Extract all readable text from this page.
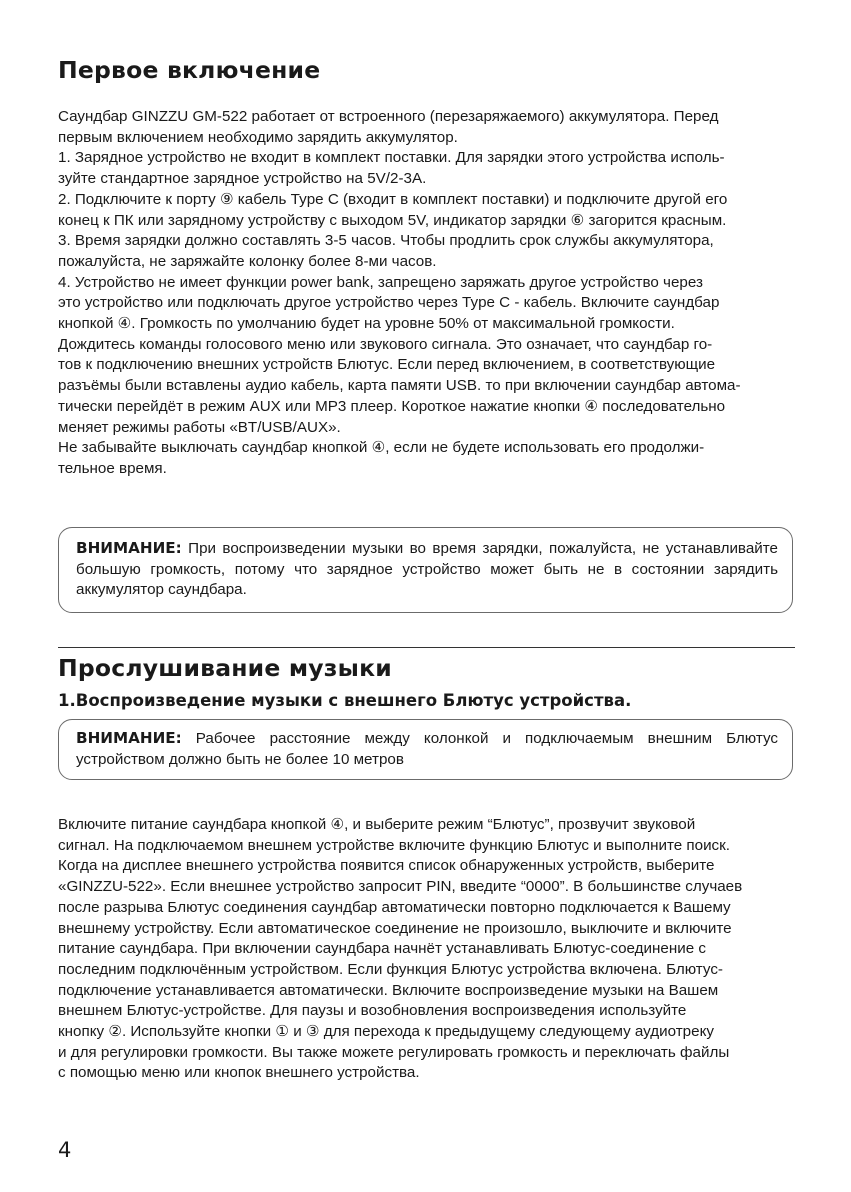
Первое включение
Саундбар GINZZU GM-522 работает от встроенного (перезаряжаемого) аккумулятора. Перед
первым включением необходимо зарядить аккумулятор.
1. Зарядное устройство не входит в комплект поставки. Для зарядки этого устройства исполь-
зуйте стандартное зарядное устройство на 5V/2-3A.
2. Подключите к порту ⑨ кабель Type C (входит в комплект поставки) и подключите другой его
конец к ПК или зарядному устройству с выходом 5V, индикатор зарядки ⑥ загорится красным.
3. Время зарядки должно составлять 3-5 часов. Чтобы продлить срок службы аккумулятора,
пожалуйста, не заряжайте колонку более 8-ми часов.
4. Устройство не имеет функции power bank, запрещено заряжать другое устройство через
это устройство или подключать другое устройство через Type C - кабель. Включите саундбар
кнопкой ④. Громкость по умолчанию будет на уровне 50% от максимальной громкости.
Дождитесь команды голосового меню или звукового сигнала. Это означает, что саундбар го-
тов к подключению внешних устройств Блютус. Если перед включением, в соответствующие
разъёмы были вставлены аудио кабель, карта памяти USB. то при включении саундбар автома-
тически перейдёт в режим AUX или MP3 плеер. Короткое нажатие кнопки ④ последовательно
меняет режимы работы «BT/USB/AUX».
Не забывайте выключать саундбар кнопкой ④, если не будете использовать его продолжи-
тельное время.
ВНИМАНИЕ: При воспроизведении музыки во время зарядки, пожалуйста, не устанавливайте большую громкость, потому что зарядное устройство может быть не в состоянии зарядить аккумулятор саундбара.
Прослушивание музыки
1.Воспроизведение музыки с внешнего Блютус устройства.
ВНИМАНИЕ: Рабочее расстояние между колонкой и подключаемым внешним Блютус устройством должно быть не более 10 метров
Включите питание саундбара кнопкой ④, и выберите режим “Блютус”, прозвучит звуковой
сигнал. На подключаемом внешнем устройстве включите функцию Блютус и выполните поиск.
Когда на дисплее внешнего устройства появится список обнаруженных устройств, выберите
«GINZZU-522». Если внешнее устройство запросит PIN, введите “0000”. В большинстве случаев
после разрыва Блютус соединения саундбар автоматически повторно подключается к Вашему
внешнему устройству. Если автоматическое соединение не произошло, выключите и включите
питание саундбара. При включении саундбара начнёт устанавливать Блютус-соединение с
последним подключённым устройством. Если функция Блютус устройства включена. Блютус-
подключение устанавливается автоматически. Включите воспроизведение музыки на Вашем
внешнем Блютус-устройстве. Для паузы и возобновления воспроизведения используйте
кнопку ②. Используйте кнопки ① и ③ для перехода к предыдущему следующему аудиотреку
и для регулировки громкости. Вы также можете регулировать громкость и переключать файлы
с помощью меню или кнопок внешнего устройства.
4
